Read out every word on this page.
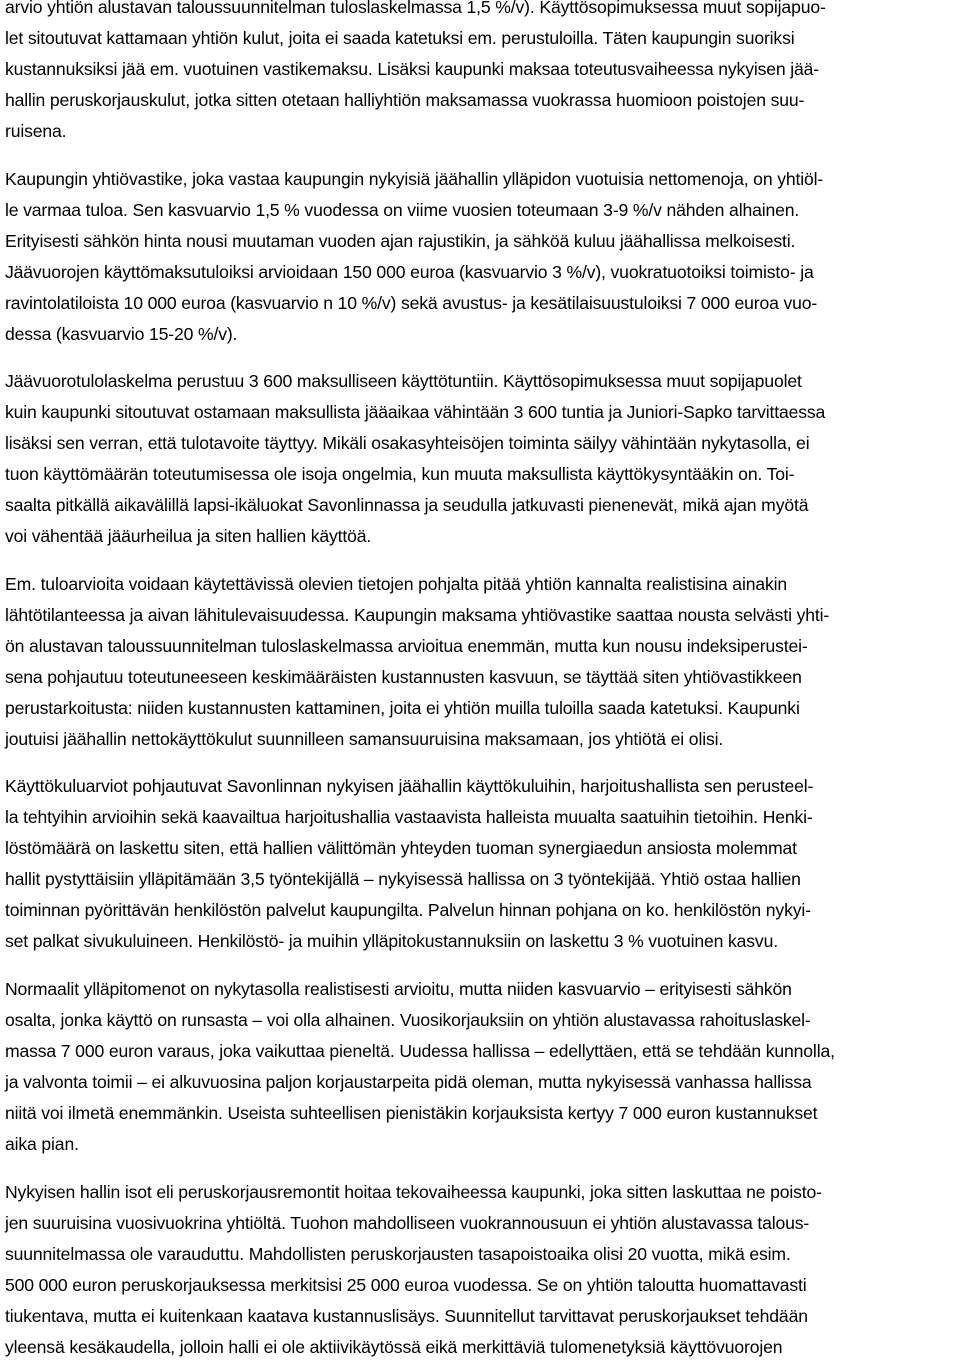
arvio yhtiön alustavan taloussuunnitelman tuloslaskelmassa 1,5 %/v). Käyttösopimuksessa muut sopijapuo-
let sitoutuvat kattamaan yhtiön kulut, joita ei saada katetuksi em. perustuloilla. Täten kaupungin suoriksi
kustannuksiksi jää em. vuotuinen vastikemaksu. Lisäksi kaupunki maksaa toteutusvaiheessa nykyisen jää-
hallin peruskorjauskulut, jotka sitten otetaan halliyhtiön maksamassa vuokrassa huomioon poistojen suu-
ruisena.
Kaupungin yhtiövastike, joka vastaa kaupungin nykyisiä jäähallin ylläpidon vuotuisia nettomenoja, on yhtiöl-
le varmaa tuloa. Sen kasvuarvio 1,5 % vuodessa on viime vuosien toteumaan 3-9 %/v nähden alhainen.
Erityisesti sähkön hinta nousi muutaman vuoden ajan rajustikin, ja sähköä kuluu jäähallissa melkoisesti.
Jäävuorojen käyttömaksutuloiksi arvioidaan 150 000 euroa (kasvuarvio 3 %/v), vuokratuotoiksi toimisto- ja
ravintolatiloista 10 000 euroa (kasvuarvio n 10 %/v) sekä avustus- ja kesätilaisuustuloiksi 7 000 euroa vuo-
dessa (kasvuarvio 15-20 %/v).
Jäävuorotulolaskelma perustuu 3 600 maksulliseen käyttötuntiin. Käyttösopimuksessa muut sopijapuolet
kuin kaupunki sitoutuvat ostamaan maksullista jääaikaa vähintään 3 600 tuntia ja Juniori-Sapko tarvittaessa
lisäksi sen verran, että tulotavoite täyttyy. Mikäli osakasyhteisöjen toiminta säilyy vähintään nykytasolla, ei
tuon käyttömäärän toteutumisessa ole isoja ongelmia, kun muuta maksullista käyttökysyntääkin on. Toi-
saalta pitkällä aikavälillä lapsi-ikäluokat Savonlinnassa ja seudulla jatkuvasti pienenevät, mikä ajan myötä
voi vähentää jääurheilua ja siten hallien käyttöä.
Em. tuloarvioita voidaan käytettävissä olevien tietojen pohjalta pitää yhtiön kannalta realistisina ainakin
lähtötilanteessa ja aivan lähitulevaisuudessa. Kaupungin maksama yhtiövastike saattaa nousta selvästi yhti-
ön alustavan taloussuunnitelman tuloslaskelmassa arvioitua enemmän, mutta kun nousu indeksiperustei-
sena pohjautuu toteutuneeseen keskimääräisten kustannusten kasvuun, se täyttää siten yhtiövastikkeen
perustarkoitusta: niiden kustannusten kattaminen, joita ei yhtiön muilla tuloilla saada katetuksi. Kaupunki
joutuisi jäähallin nettokäyttökulut suunnilleen samansuuruisina maksamaan, jos yhtiötä ei olisi.
Käyttökuluarviot pohjautuvat Savonlinnan nykyisen jäähallin käyttökuluihin, harjoitushallista sen perusteel-
la tehtyihin arvioihin sekä kaavailtua harjoitushallia vastaavista halleista muualta saatuihin tietoihin. Henki-
löstömäärä on laskettu siten, että hallien välittömän yhteyden tuoman synergiaedun ansiosta molemmat
hallit pystyttäisiin ylläpitämään 3,5 työntekijällä – nykyisessä hallissa on 3 työntekijää. Yhtiö ostaa hallien
toiminnan pyörittävän henkilöstön palvelut kaupungilta. Palvelun hinnan pohjana on ko. henkilöstön nykyi-
set palkat sivukuluineen. Henkilöstö- ja muihin ylläpitokustannuksiin on laskettu 3 % vuotuinen kasvu.
Normaalit ylläpitomenot on nykytasolla realistisesti arvioitu, mutta niiden kasvuarvio – erityisesti sähkön
osalta, jonka käyttö on runsasta – voi olla alhainen. Vuosikorjauksiin on yhtiön alustavassa rahoituslaskel-
massa 7 000 euron varaus, joka vaikuttaa pieneltä. Uudessa hallissa – edellyttäen, että se tehdään kunnolla,
ja valvonta toimii – ei alkuvuosina paljon korjaustarpeita pidä oleman, mutta nykyisessä vanhassa hallissa
niitä voi ilmetä enemmänkin. Useista suhteellisen pienistäkin korjauksista kertyy 7 000 euron kustannukset
aika pian.
Nykyisen hallin isot eli peruskorjausremontit hoitaa tekovaiheessa kaupunki, joka sitten laskuttaa ne poisto-
jen suuruisina vuosivuokrina yhtiöltä. Tuohon mahdolliseen vuokrannousuun ei yhtiön alustavassa talous-
suunnitelmassa ole varauduttu. Mahdollisten peruskorjausten tasapoistoaika olisi 20 vuotta, mikä esim.
500 000 euron peruskorjauksessa merkitsisi 25 000 euroa vuodessa. Se on yhtiön taloutta huomattavasti
tiukentava, mutta ei kuitenkaan kaatava kustannuslisäys. Suunnitellut tarvittavat peruskorjaukset tehdään
yleensä kesäkaudella, jolloin halli ei ole aktiivikäytössä eikä merkittäviä tulomenetyksiä käyttövuorojen
